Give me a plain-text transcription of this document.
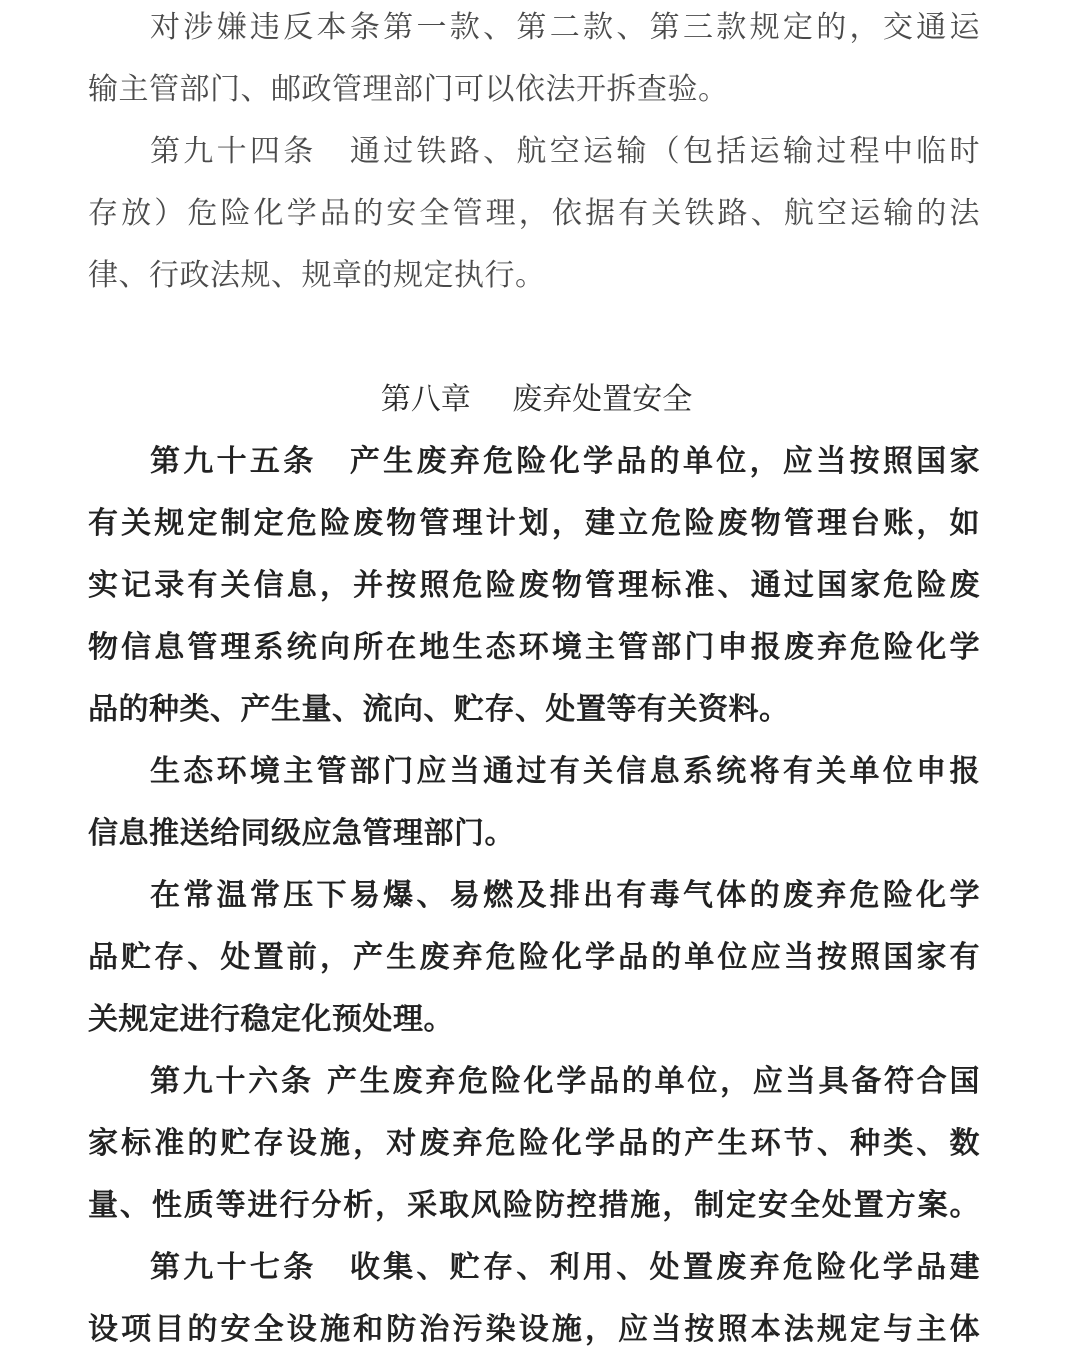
对涉嫌违反本条第一款、第二款、第三款规定的，交通运
输主管部门、邮政管理部门可以依法开拆查验。
第九十四条　通过铁路、航空运输（包括运输过程中临时
存放）危险化学品的安全管理，依据有关铁路、航空运输的法
律、行政法规、规章的规定执行。
第八章 废弃处置安全
第九十五条　产生废弃危险化学品的单位，应当按照国家
有关规定制定危险废物管理计划，建立危险废物管理台账，如
实记录有关信息，并按照危险废物管理标准、通过国家危险废
物信息管理系统向所在地生态环境主管部门申报废弃危险化学
品的种类、产生量、流向、贮存、处置等有关资料。
生态环境主管部门应当通过有关信息系统将有关单位申报
信息推送给同级应急管理部门。
在常温常压下易爆、易燃及排出有毒气体的废弃危险化学
品贮存、处置前，产生废弃危险化学品的单位应当按照国家有
关规定进行稳定化预处理。
第九十六条 产生废弃危险化学品的单位，应当具备符合国
家标准的贮存设施，对废弃危险化学品的产生环节、种类、数
量、性质等进行分析，采取风险防控措施，制定安全处置方案。
第九十七条　收集、贮存、利用、处置废弃危险化学品建
设项目的安全设施和防治污染设施，应当按照本法规定与主体
